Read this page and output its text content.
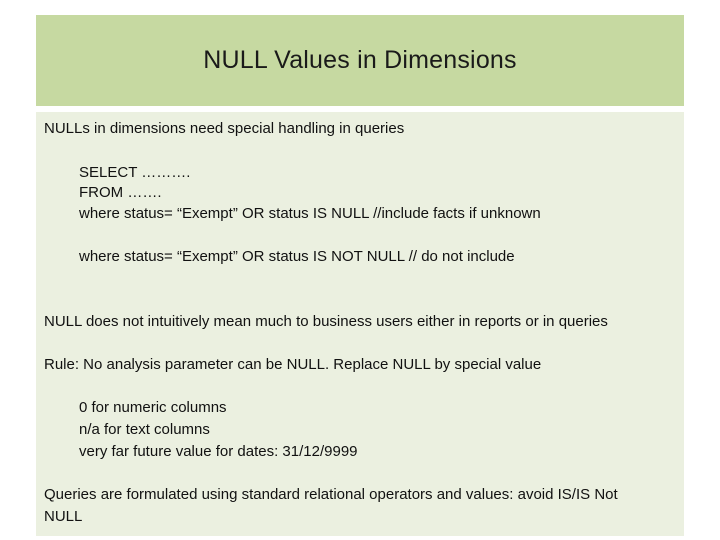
NULL Values in Dimensions
NULLs in dimensions need special handling in queries
SELECT ……….
FROM …….
where status= “Exempt” OR status IS NULL //include facts if unknown
where status= “Exempt” OR status IS NOT NULL // do not include
NULL does not intuitively mean much to business users either in reports or in queries
Rule: No analysis parameter can be NULL. Replace NULL by special value
0 for numeric columns
n/a for text columns
very far future value for dates: 31/12/9999
Queries are formulated using standard relational operators and values: avoid IS/IS Not
NULL
